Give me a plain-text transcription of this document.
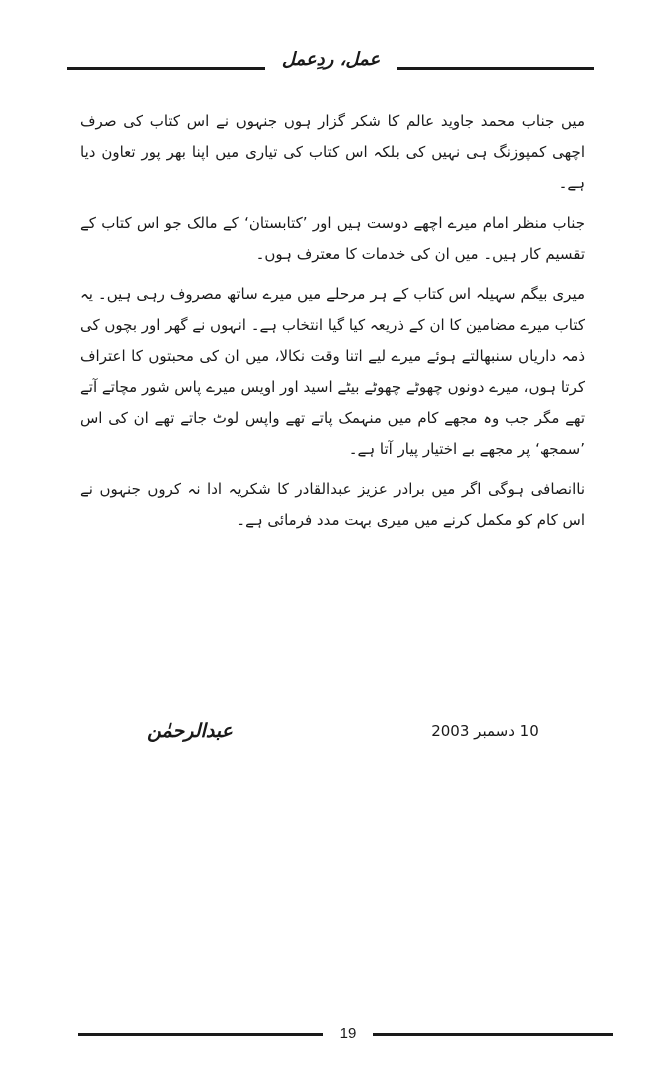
عمل، ردِعمل

میں جناب محمد جاوید عالم کا شکر گزار ہوں جنہوں نے اس کتاب کی صرف اچھی کمپوزنگ ہی نہیں کی بلکہ اس کتاب کی تیاری میں اپنا بھر پور تعاون دیا ہے۔

جناب منظر امام میرے اچھے دوست ہیں اور ’کتابستان‘ کے مالک جو اس کتاب کے تقسیم کار ہیں۔ میں ان کی خدمات کا معترف ہوں۔

میری بیگم سہیلہ اس کتاب کے ہر مرحلے میں میرے ساتھ مصروف رہی ہیں۔ یہ کتاب میرے مضامین کا ان کے ذریعہ کیا گیا انتخاب ہے۔ انہوں نے گھر اور بچوں کی ذمہ داریاں سنبھالتے ہوئے میرے لیے اتنا وقت نکالا، میں ان کی محبتوں کا اعتراف کرتا ہوں، میرے دونوں چھوٹے چھوٹے بیٹے اسید اور اویس میرے پاس شور مچاتے آتے تھے مگر جب وہ مجھے کام میں منہمک پاتے تھے واپس لوٹ جاتے تھے ان کی اس ’سمجھ‘ پر مجھے بے اختیار پیار آتا ہے۔

ناانصافی ہوگی اگر میں برادر عزیز عبدالقادر کا شکریہ ادا نہ کروں جنہوں نے اس کام کو مکمل کرنے میں میری بہت مدد فرمائی ہے۔

عبدالرحمٰن	10 دسمبر 2003
19
